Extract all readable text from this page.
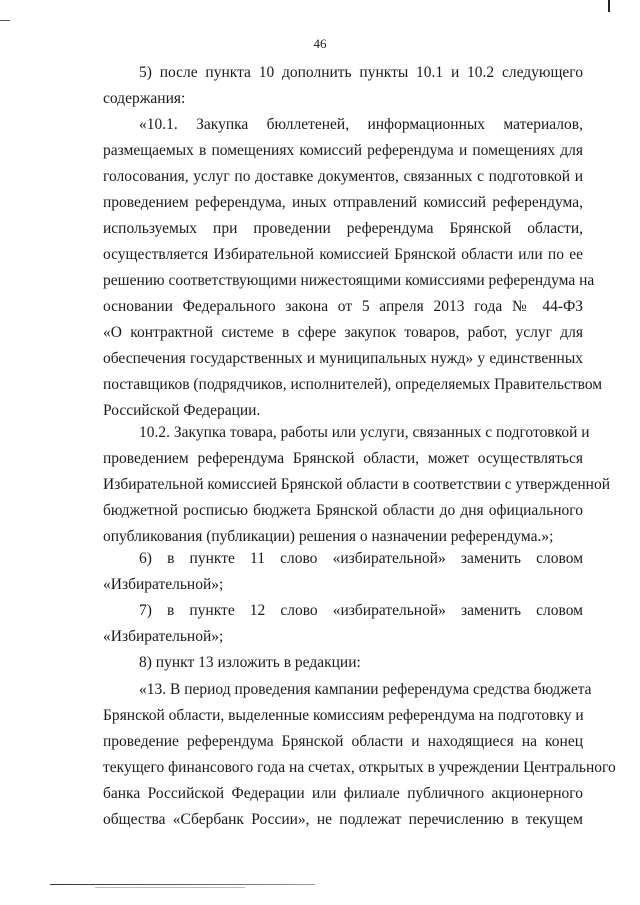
46
5) после пункта 10 дополнить пункты 10.1 и 10.2 следующего
содержания:
«10.1. Закупка бюллетеней, информационных материалов,
размещаемых в помещениях комиссий референдума и помещениях для
голосования, услуг по доставке документов, связанных с подготовкой и
проведением референдума, иных отправлений комиссий референдума,
используемых при проведении референдума Брянской области,
осуществляется Избирательной комиссией Брянской области или по ее
решению соответствующими нижестоящими комиссиями референдума на
основании Федерального закона от 5 апреля 2013 года № 44-ФЗ
«О контрактной системе в сфере закупок товаров, работ, услуг для
обеспечения государственных и муниципальных нужд» у единственных
поставщиков (подрядчиков, исполнителей), определяемых Правительством
Российской Федерации.
10.2. Закупка товара, работы или услуги, связанных с подготовкой и
проведением референдума Брянской области, может осуществляться
Избирательной комиссией Брянской области в соответствии с утвержденной
бюджетной росписью бюджета Брянской области до дня официального
опубликования (публикации) решения о назначении референдума.»;
6) в пункте 11 слово «избирательной» заменить словом
«Избирательной»;
7) в пункте 12 слово «избирательной» заменить словом
«Избирательной»;
8) пункт 13 изложить в редакции:
«13. В период проведения кампании референдума средства бюджета
Брянской области, выделенные комиссиям референдума на подготовку и
проведение референдума Брянской области и находящиеся на конец
текущего финансового года на счетах, открытых в учреждении Центрального
банка Российской Федерации или филиале публичного акционерного
общества «Сбербанк России», не подлежат перечислению в текущем
